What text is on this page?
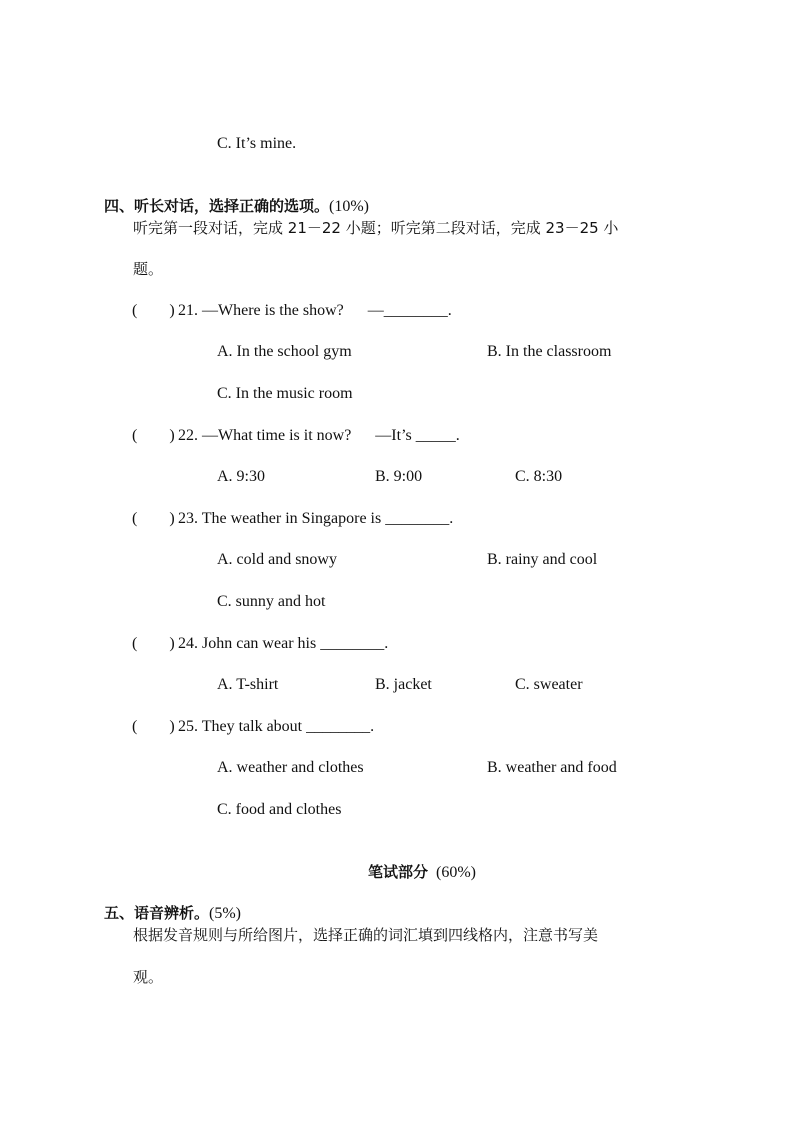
C. It’s mine.

四、听长对话，选择正确的选项。(10%)

听完第一段对话，完成 21－22 小题；听完第二段对话，完成 23－25 小
题。
(        ) 21. —Where is the show?      —________.
A. In the school gym	B. In the classroom
C. In the music room
(        ) 22. —What time is it now?      —It’s _____.
A. 9:30	B. 9:00	C. 8:30
(        ) 23. The weather in Singapore is ________.
A. cold and snowy	B. rainy and cool
C. sunny and hot
(        ) 24. John can wear his ________.
A. T-shirt	B. jacket	C. sweater
(        ) 25. They talk about ________.
A. weather and clothes	B. weather and food
C. food and clothes

笔试部分 (60%)

五、语音辨析。(5%)

根据发音规则与所给图片，选择正确的词汇填到四线格内，注意书写美
观。
